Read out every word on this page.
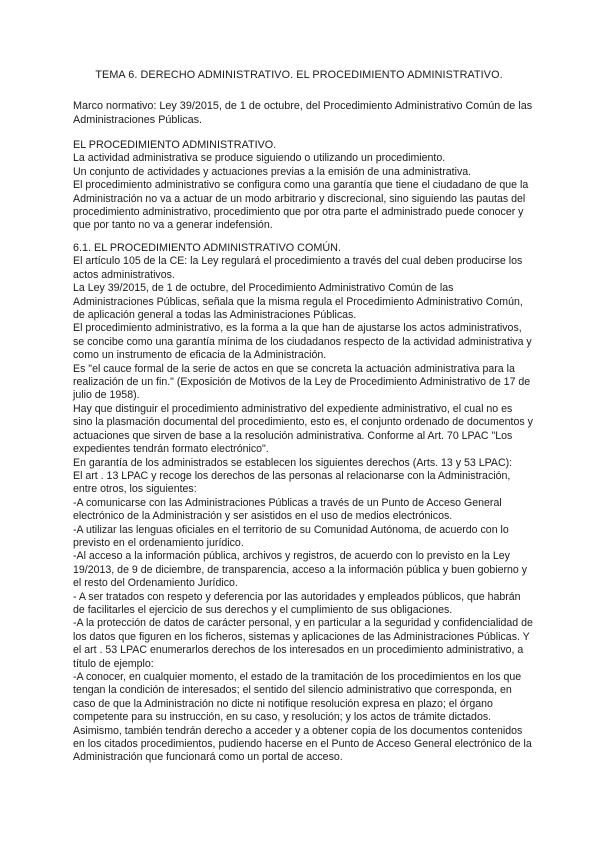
TEMA 6. DERECHO ADMINISTRATIVO. EL PROCEDIMIENTO ADMINISTRATIVO.
Marco normativo: Ley 39/2015, de 1 de octubre, del Procedimiento Administrativo Común de las Administraciones Públicas.

EL PROCEDIMIENTO ADMINISTRATIVO.

La actividad administrativa se produce siguiendo o utilizando un procedimiento.

Un conjunto de actividades y actuaciones previas a la emisión de una administrativa.

El procedimiento administrativo se configura como una garantía que tiene el ciudadano de que la Administración no va a actuar de un modo arbitrario y discrecional, sino siguiendo las pautas del procedimiento administrativo, procedimiento que por otra parte el administrado puede conocer y que por tanto no va a generar indefensión.

6.1. EL PROCEDIMIENTO ADMINISTRATIVO COMÚN.

El artículo 105 de la CE: la Ley regulará el procedimiento a través del cual deben producirse los actos administrativos.

La Ley 39/2015, de 1 de octubre, del Procedimiento Administrativo Común de las Administraciones Públicas, señala que la misma regula el Procedimiento Administrativo Común, de aplicación general a todas las Administraciones Públicas.

El procedimiento administrativo, es la forma a la que han de ajustarse los actos administrativos, se concibe como una garantía mínima de los ciudadanos respecto de la actividad administrativa y como un instrumento de eficacia de la Administración.

Es "el cauce formal de la serie de actos en que se concreta la actuación administrativa para la realización de un fin." (Exposición de Motivos de la Ley de Procedimiento Administrativo de 17 de julio de 1958).

Hay que distinguir el procedimiento administrativo del expediente administrativo, el cual no es sino la plasmación documental del procedimiento, esto es, el conjunto ordenado de documentos y actuaciones que sirven de base a la resolución administrativa. Conforme al Art. 70 LPAC "Los expedientes tendrán formato electrónico".

En garantía de los administrados se establecen los siguientes derechos (Arts. 13 y 53 LPAC):

El art . 13 LPAC y recoge los derechos de las personas al relacionarse con la Administración, entre otros, los siguientes:

-A comunicarse con las Administraciones Públicas a través de un Punto de Acceso General electrónico de la Administración y ser asistidos en el uso de medios electrónicos.

-A utilizar las lenguas oficiales en el territorio de su Comunidad Autónoma, de acuerdo con lo previsto en el ordenamiento jurídico.

-Al acceso a la información pública, archivos y registros, de acuerdo con lo previsto en la Ley 19/2013, de 9 de diciembre, de transparencia, acceso a la información pública y buen gobierno y el resto del Ordenamiento Jurídico.

- A ser tratados con respeto y deferencia por las autoridades y empleados públicos, que habrán de facilitarles el ejercicio de sus derechos y el cumplimiento de sus obligaciones.

-A la protección de datos de carácter personal, y en particular a la seguridad y confidencialidad de los datos que figuren en los ficheros, sistemas y aplicaciones de las Administraciones Públicas. Y el art . 53 LPAC enumerarlos derechos de los interesados en un procedimiento administrativo, a título de ejemplo:

-A conocer, en cualquier momento, el estado de la tramitación de los procedimientos en los que tengan la condición de interesados; el sentido del silencio administrativo que corresponda, en caso de que la Administración no dicte ni notifique resolución expresa en plazo; el órgano competente para su instrucción, en su caso, y resolución; y los actos de trámite dictados. Asimismo, también tendrán derecho a acceder y a obtener copia de los documentos contenidos en los citados procedimientos, pudiendo hacerse en el Punto de Acceso General electrónico de la Administración que funcionará como un portal de acceso.
